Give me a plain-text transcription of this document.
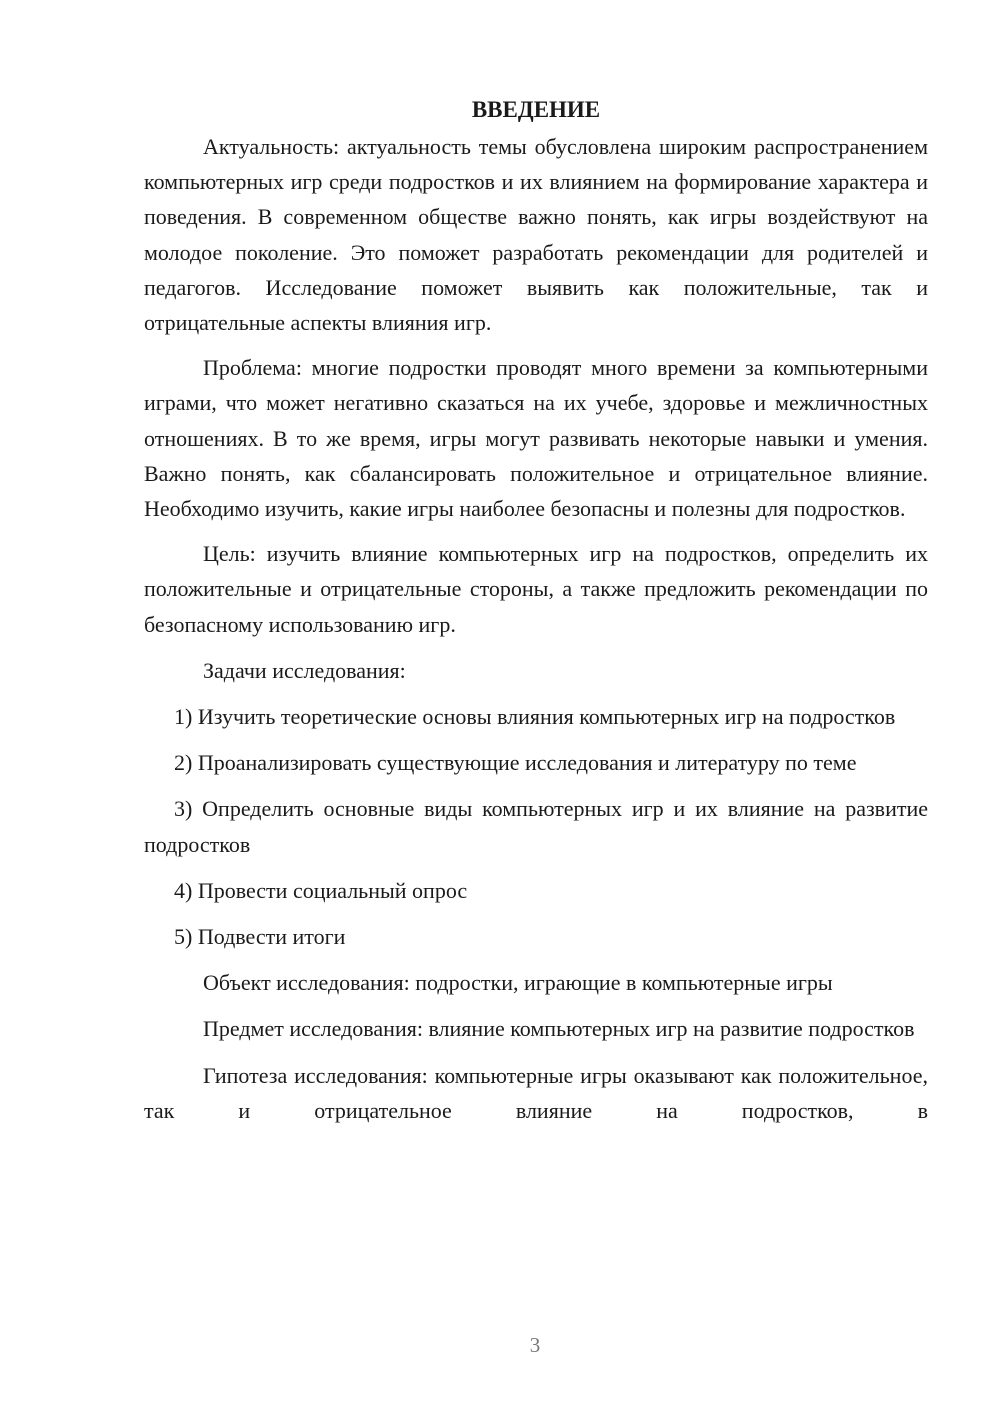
ВВЕДЕНИЕ

Актуальность: актуальность темы обусловлена широким распространением компьютерных игр среди подростков и их влиянием на формирование характера и поведения. В современном обществе важно понять, как игры воздействуют на молодое поколение. Это поможет разработать рекомендации для родителей и педагогов. Исследование поможет выявить как положительные, так и отрицательные аспекты влияния игр.

Проблема: многие подростки проводят много времени за компьютерными играми, что может негативно сказаться на их учебе, здоровье и межличностных отношениях. В то же время, игры могут развивать некоторые навыки и умения. Важно понять, как сбалансировать положительное и отрицательное влияние. Необходимо изучить, какие игры наиболее безопасны и полезны для подростков.

Цель: изучить влияние компьютерных игр на подростков, определить их положительные и отрицательные стороны, а также предложить рекомендации по безопасному использованию игр.

Задачи исследования:

1) Изучить теоретические основы влияния компьютерных игр на подростков

2) Проанализировать существующие исследования и литературу по теме

3) Определить основные виды компьютерных игр и их влияние на развитие подростков

4) Провести социальный опрос

5) Подвести итоги

Объект исследования: подростки, играющие в компьютерные игры

Предмет исследования: влияние компьютерных игр на развитие подростков

Гипотеза исследования: компьютерные игры оказывают как положительное, так и отрицательное влияние на подростков, в

3
